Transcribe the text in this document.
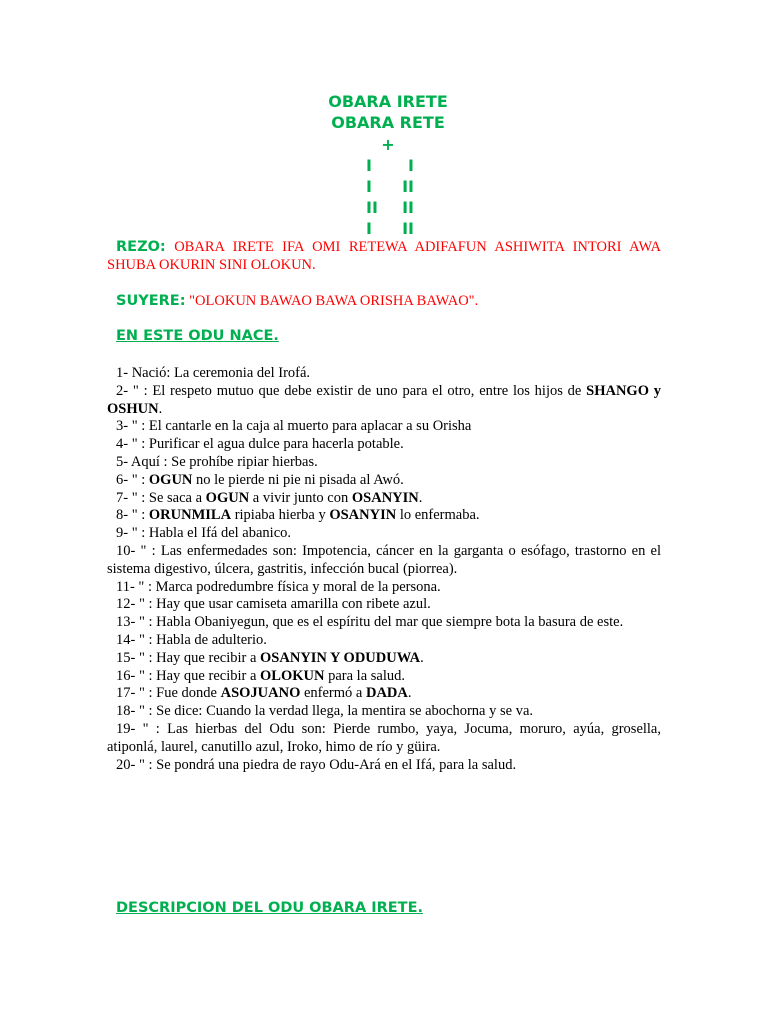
OBARA IRETE
OBARA RETE
+
I I
I II
II II
I II
REZO: OBARA IRETE IFA OMI RETEWA ADIFAFUN ASHIWITA INTORI AWA SHUBA OKURIN SINI OLOKUN.
SUYERE: "OLOKUN BAWAO BAWA ORISHA BAWAO".
EN ESTE ODU NACE.

1- Nació: La ceremonia del Irofá.

2- " : El respeto mutuo que debe existir de uno para el otro, entre los hijos de SHANGO y OSHUN.

3- " : El cantarle en la caja al muerto para aplacar a su Orisha

4- " : Purificar el agua dulce para hacerla potable.

5- Aquí : Se prohíbe ripiar hierbas.

6- " : OGUN no le pierde ni pie ni pisada al Awó.

7- " : Se saca a OGUN a vivir junto con OSANYIN.

8- " : ORUNMILA ripiaba hierba y OSANYIN lo enfermaba.

9- " : Habla el Ifá del abanico.

10- " : Las enfermedades son: Impotencia, cáncer en la garganta o esófago, trastorno en el sistema digestivo, úlcera, gastritis, infección bucal (piorrea).

11- " : Marca podredumbre física y moral de la persona.

12- " : Hay que usar camiseta amarilla con ribete azul.

13- " : Habla Obaniyegun, que es el espíritu del mar que siempre bota la basura de este.

14- " : Habla de adulterio.

15- " : Hay que recibir a OSANYIN Y ODUDUWA.

16- " : Hay que recibir a OLOKUN para la salud.

17- " : Fue donde ASOJUANO enfermó a DADA.

18- " : Se dice: Cuando la verdad llega, la mentira se abochorna y se va.

19- " : Las hierbas del Odu son: Pierde rumbo, yaya, Jocuma, moruro, ayúa, grosella, atiponlá, laurel, canutillo azul, Iroko, himo de río y güira.

20- " : Se pondrá una piedra de rayo Odu-Ará en el Ifá, para la salud.

DESCRIPCION DEL ODU OBARA IRETE.
